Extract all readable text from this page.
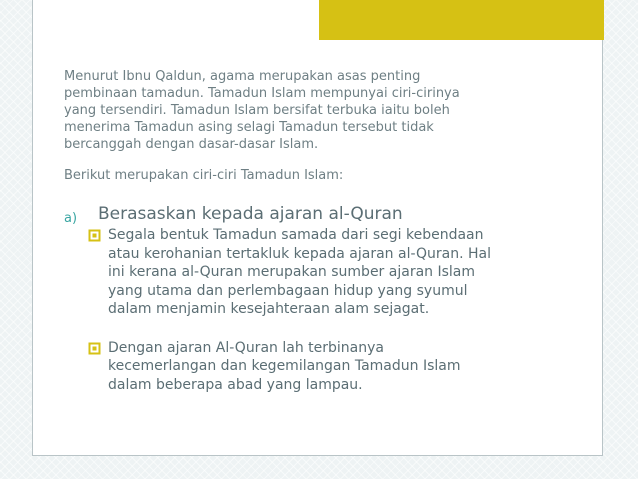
Menurut Ibnu Qaldun, agama merupakan asas penting
pembinaan tamadun. Tamadun Islam mempunyai ciri-cirinya
yang tersendiri. Tamadun Islam bersifat terbuka iaitu boleh
menerima Tamadun asing selagi Tamadun tersebut tidak
bercanggah dengan dasar-dasar Islam.

Berikut merupakan ciri-ciri Tamadun Islam:

a) Berasaskan kepada ajaran al-Quran
Segala bentuk Tamadun samada dari segi kebendaan
atau kerohanian tertakluk kepada ajaran al-Quran. Hal
ini kerana al-Quran merupakan sumber ajaran Islam
yang utama dan perlembagaan hidup yang syumul
dalam menjamin kesejahteraan alam sejagat.
Dengan ajaran Al-Quran lah terbinanya
kecemerlangan dan kegemilangan Tamadun Islam
dalam beberapa abad yang lampau.
